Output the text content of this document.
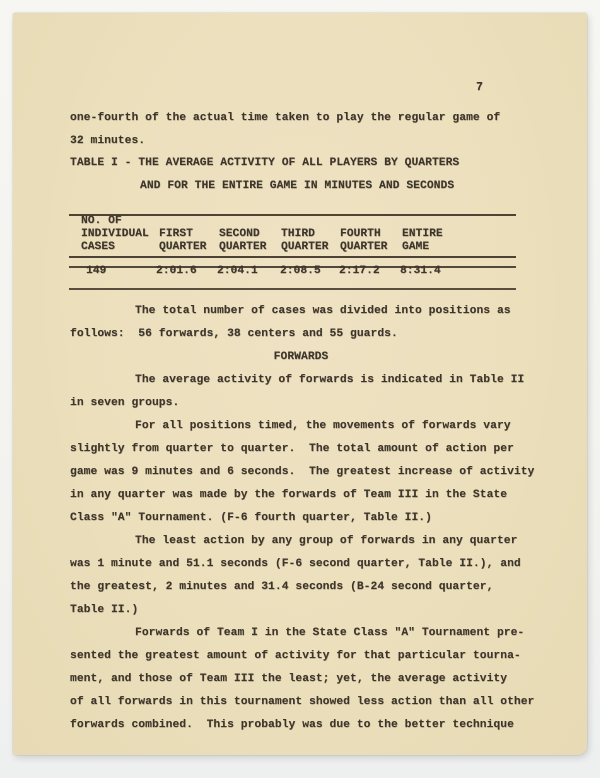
7
one-fourth of the actual time taken to play the regular game of
32 minutes.
TABLE I - THE AVERAGE ACTIVITY OF ALL PLAYERS BY QUARTERS
AND FOR THE ENTIRE GAME IN MINUTES AND SECONDS
NO. OF
INDIVIDUAL
CASES
FIRST
QUARTER
SECOND
QUARTER
THIRD
QUARTER
FOURTH
QUARTER
ENTIRE
GAME
149	2:01.6 2:04.1 2:08.5 2:17.2 8:31.4
The total number of cases was divided into positions as
follows:  56 forwards, 38 centers and 55 guards.
FORWARDS
The average activity of forwards is indicated in Table II
in seven groups.
For all positions timed, the movements of forwards vary
slightly from quarter to quarter.  The total amount of action per
game was 9 minutes and 6 seconds.  The greatest increase of activity
in any quarter was made by the forwards of Team III in the State
Class "A" Tournament. (F-6 fourth quarter, Table II.)
The least action by any group of forwards in any quarter
was 1 minute and 51.1 seconds (F-6 second quarter, Table II.), and
the greatest, 2 minutes and 31.4 seconds (B-24 second quarter,
Table II.)
Forwards of Team I in the State Class "A" Tournament pre-
sented the greatest amount of activity for that particular tourna-
ment, and those of Team III the least; yet, the average activity
of all forwards in this tournament showed less action than all other
forwards combined.  This probably was due to the better technique
